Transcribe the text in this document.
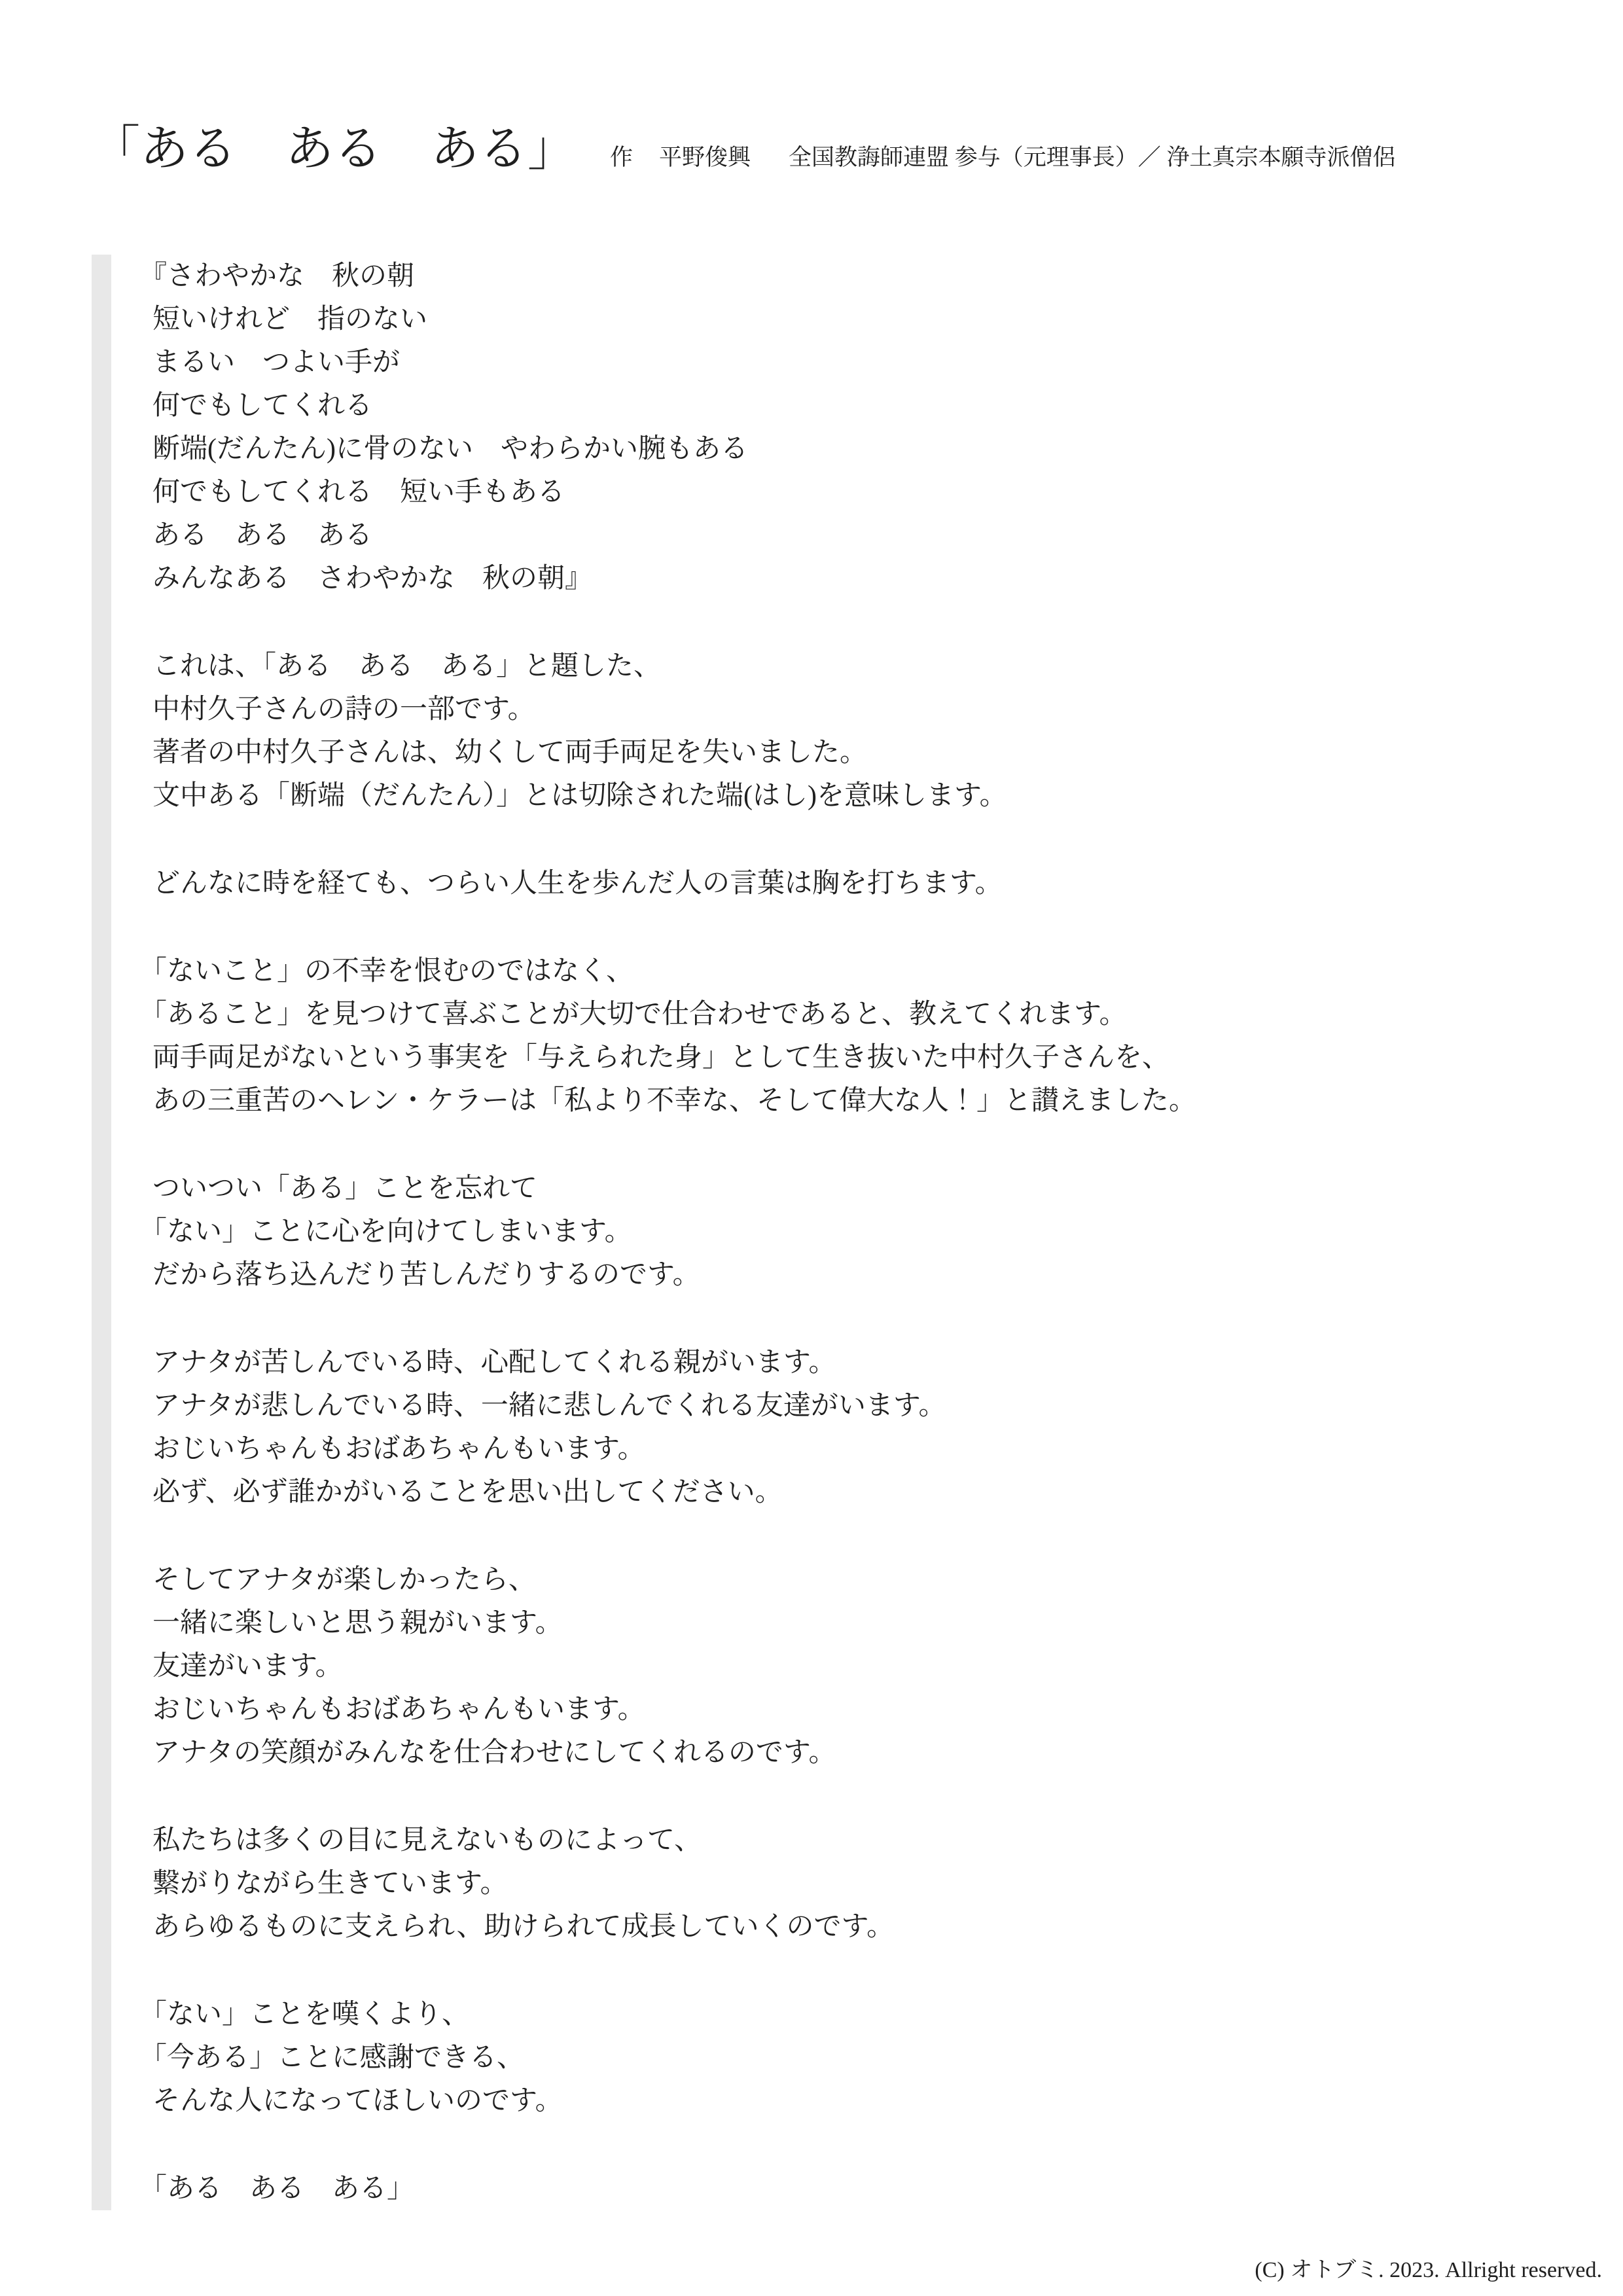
「ある　ある　ある」 作 平野俊興 全国教誨師連盟 参与（元理事長）／ 浄土真宗本願寺派僧侶
『さわやかな　秋の朝
短いけれど　指のない
まるい　つよい手が
何でもしてくれる
断端(だんたん)に骨のない　やわらかい腕もある
何でもしてくれる　短い手もある
ある　ある　ある
みんなある　さわやかな　秋の朝』
これは、「ある　ある　ある」と題した、
中村久子さんの詩の一部です。
著者の中村久子さんは、幼くして両手両足を失いました。
文中ある「断端（だんたん）」とは切除された端(はし)を意味します。
どんなに時を経ても、つらい人生を歩んだ人の言葉は胸を打ちます。
「ないこと」の不幸を恨むのではなく、
「あること」を見つけて喜ぶことが大切で仕合わせであると、教えてくれます。
両手両足がないという事実を「与えられた身」として生き抜いた中村久子さんを、
あの三重苦のヘレン・ケラーは「私より不幸な、そして偉大な人！」と讃えました。
ついつい「ある」ことを忘れて
「ない」ことに心を向けてしまいます。
だから落ち込んだり苦しんだりするのです。
アナタが苦しんでいる時、心配してくれる親がいます。
アナタが悲しんでいる時、一緒に悲しんでくれる友達がいます。
おじいちゃんもおばあちゃんもいます。
必ず、必ず誰かがいることを思い出してください。
そしてアナタが楽しかったら、
一緒に楽しいと思う親がいます。
友達がいます。
おじいちゃんもおばあちゃんもいます。
アナタの笑顔がみんなを仕合わせにしてくれるのです。
私たちは多くの目に見えないものによって、
繋がりながら生きています。
あらゆるものに支えられ、助けられて成長していくのです。
「ない」ことを嘆くより、
「今ある」ことに感謝できる、
そんな人になってほしいのです。
「ある　ある　ある」

(C) オトブミ. 2023. Allright reserved.
